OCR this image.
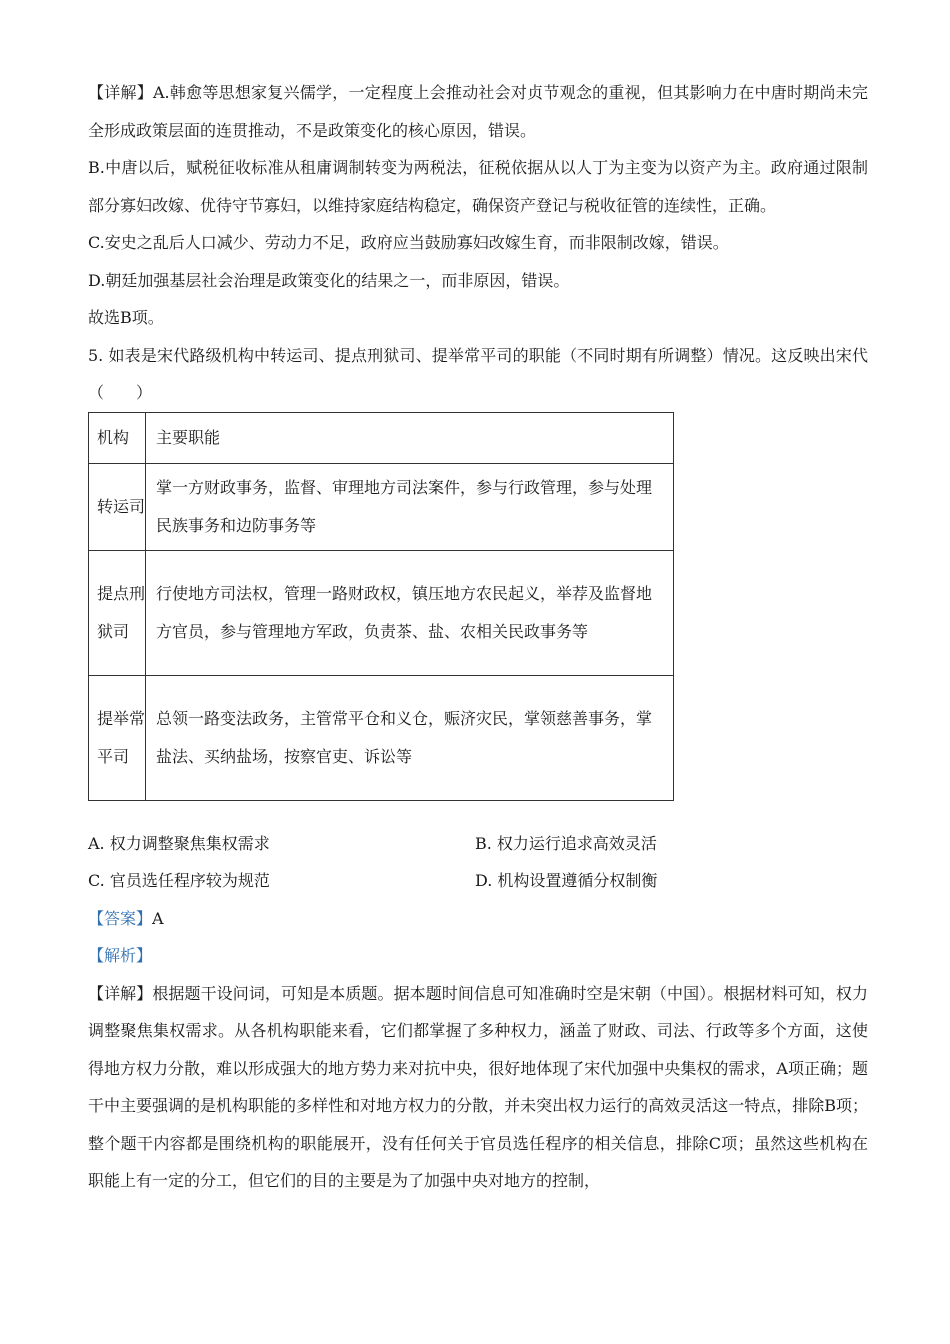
【详解】A.韩愈等思想家复兴儒学，一定程度上会推动社会对贞节观念的重视，但其影响力在中唐时期尚未完全形成政策层面的连贯推动，不是政策变化的核心原因，错误。

B.中唐以后，赋税征收标准从租庸调制转变为两税法，征税依据从以人丁为主变为以资产为主。政府通过限制部分寡妇改嫁、优待守节寡妇，以维持家庭结构稳定，确保资产登记与税收征管的连续性，正确。

C.安史之乱后人口减少、劳动力不足，政府应当鼓励寡妇改嫁生育，而非限制改嫁，错误。

D.朝廷加强基层社会治理是政策变化的结果之一，而非原因，错误。

故选B项。

5. 如表是宋代路级机构中转运司、提点刑狱司、提举常平司的职能（不同时期有所调整）情况。这反映出宋代（　　）

机构	主要职能
转运司	掌一方财政事务，监督、审理地方司法案件，参与行政管理，参与处理民族事务和边防事务等
提点刑狱司	行使地方司法权，管理一路财政权，镇压地方农民起义，举荐及监督地方官员，参与管理地方军政，负责茶、盐、农相关民政事务等
提举常平司	总领一路变法政务，主管常平仓和义仓，赈济灾民，掌领慈善事务，掌盐法、买纳盐场，按察官吏、诉讼等
A. 权力调整聚焦集权需求	B. 权力运行追求高效灵活
C. 官员选任程序较为规范	D. 机构设置遵循分权制衡

【答案】A

【解析】

【详解】根据题干设问词，可知是本质题。据本题时间信息可知准确时空是宋朝（中国）。根据材料可知，权力调整聚焦集权需求。从各机构职能来看，它们都掌握了多种权力，涵盖了财政、司法、行政等多个方面，这使得地方权力分散，难以形成强大的地方势力来对抗中央，很好地体现了宋代加强中央集权的需求，A项正确；题干中主要强调的是机构职能的多样性和对地方权力的分散，并未突出权力运行的高效灵活这一特点，排除B项；整个题干内容都是围绕机构的职能展开，没有任何关于官员选任程序的相关信息，排除C项；虽然这些机构在职能上有一定的分工，但它们的目的主要是为了加强中央对地方的控制，
